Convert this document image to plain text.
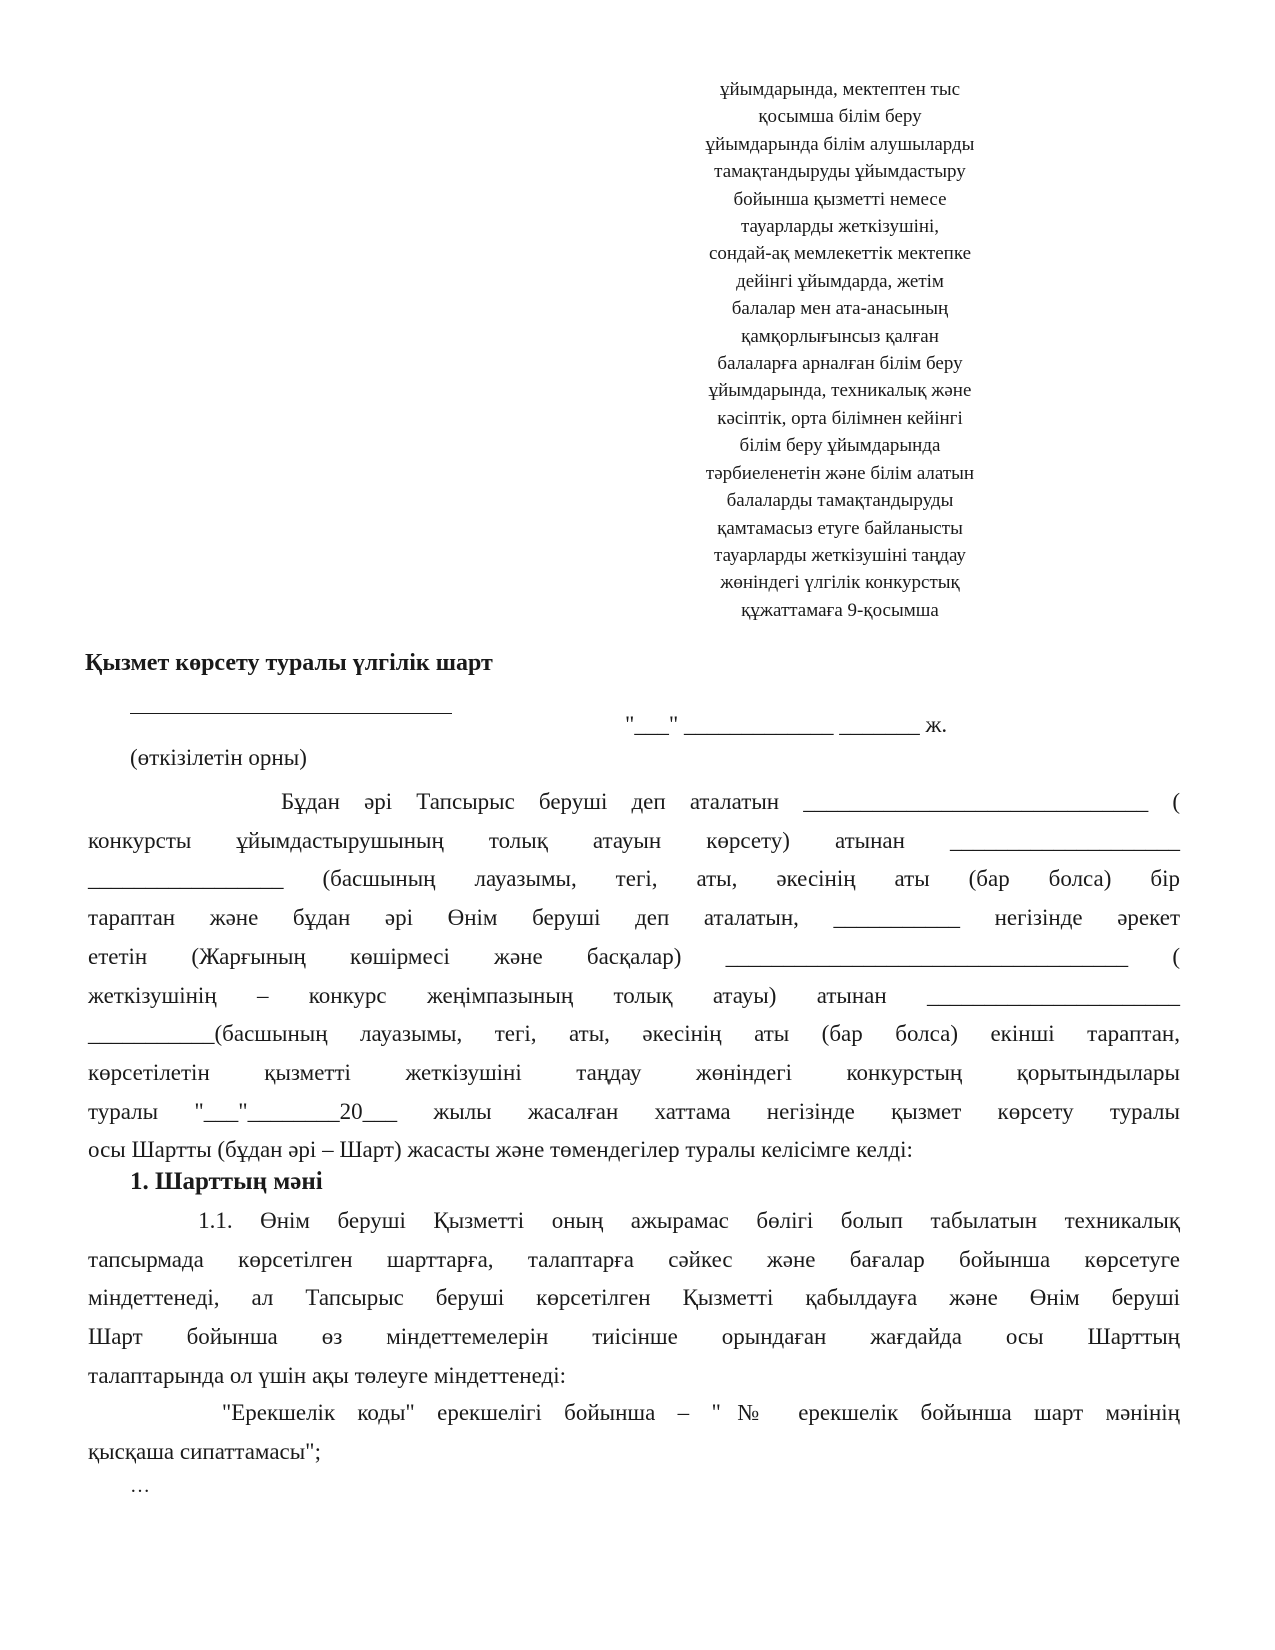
ұйымдарында, мектептен тыс
қосымша білім беру
ұйымдарында білім алушыларды
тамақтандыруды ұйымдастыру
бойынша қызметті немесе
тауарларды жеткізушіні,
сондай-ақ мемлекеттік мектепке
дейінгі ұйымдарда, жетім
балалар мен ата-анасының
қамқорлығынсыз қалған
балаларға арналған білім беру
ұйымдарында, техникалық және
кәсіптік, орта білімнен кейінгі
білім беру ұйымдарында
тәрбиеленетін және білім алатын
балаларды тамақтандыруды
қамтамасыз етуге байланысты
тауарларды жеткізушіні таңдау
жөніндегі үлгілік конкурстық
құжаттамаға 9-қосымша
Қызмет көрсету туралы үлгілік шарт
"___" _____________ _______ ж.
(өткізілетін орны)
Бұдан әрі Тапсырыс беруші деп аталатын ______________________________ (
конкурсты ұйымдастырушының толық атауын көрсету) атынан ____________________
_________________ (басшының лауазымы, тегі, аты, әкесінің аты (бар болса) бір
тараптан және бұдан әрі Өнім беруші деп аталатын, ___________ негізінде әрекет
ететін (Жарғының көшірмесі және басқалар) ___________________________________ (
жеткізушінің – конкурс жеңімпазының толық атауы) атынан ______________________
___________(басшының лауазымы, тегі, аты, әкесінің аты (бар болса) екінші тараптан,
көрсетілетін қызметті жеткізушіні таңдау жөніндегі конкурстың қорытындылары
туралы "___"________20___ жылы жасалған хаттама негізінде қызмет көрсету туралы
осы Шартты (бұдан әрі – Шарт) жасасты және төмендегілер туралы келісімге келді:
1. Шарттың мәні
1.1. Өнім беруші Қызметті оның ажырамас бөлігі болып табылатын техникалық
тапсырмада көрсетілген шарттарға, талаптарға сәйкес және бағалар бойынша көрсетуге
міндеттенеді, ал Тапсырыс беруші көрсетілген Қызметті қабылдауға және Өнім беруші
Шарт бойынша өз міндеттемелерін тиісінше орындаған жағдайда осы Шарттың
талаптарында ол үшін ақы төлеуге міндеттенеді:
"Ерекшелік коды" ерекшелігі бойынша – "№ ерекшелік бойынша шарт мәнінің
қысқаша сипаттамасы";
…
